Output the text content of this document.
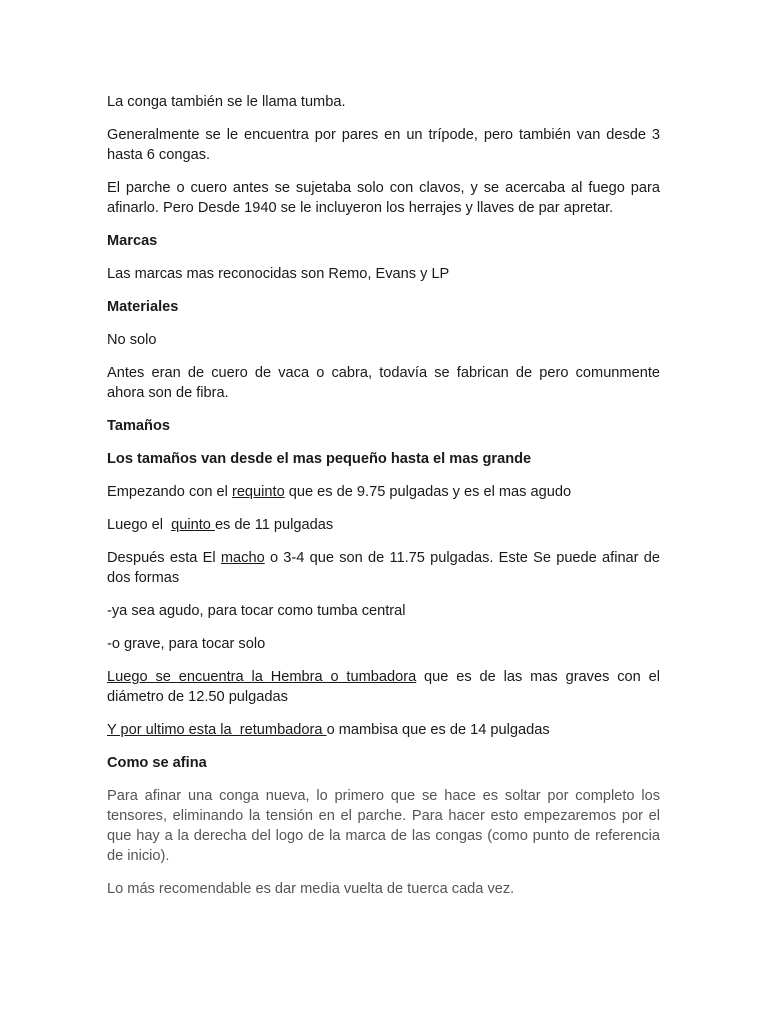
La conga también se le llama tumba.

Generalmente se le encuentra por pares en un trípode, pero también van desde 3 hasta 6 congas.

El parche o cuero antes se sujetaba solo con clavos, y se acercaba al fuego para afinarlo. Pero Desde 1940 se le incluyeron los herrajes y llaves de par apretar.

Marcas

Las marcas mas reconocidas son Remo, Evans y LP

Materiales

No solo

Antes eran de cuero de vaca o cabra, todavía se fabrican de pero comunmente ahora son de fibra.

Tamaños

Los tamaños van desde el mas pequeño hasta el mas grande

Empezando con el requinto que es de 9.75 pulgadas y es el mas agudo

Luego el  quinto es de 11 pulgadas

Después esta El macho o 3-4 que son de 11.75 pulgadas. Este Se puede afinar de dos formas

-ya sea agudo, para tocar como tumba central

-o grave, para tocar solo

Luego se encuentra la Hembra o tumbadora que es de las mas graves con el diámetro de 12.50 pulgadas

Y por ultimo esta la  retumbadora o mambisa que es de 14 pulgadas

Como se afina

Para afinar una conga nueva, lo primero que se hace es soltar por completo los tensores, eliminando la tensión en el parche. Para hacer esto empezaremos por el que hay a la derecha del logo de la marca de las congas (como punto de referencia de inicio).

Lo más recomendable es dar media vuelta de tuerca cada vez.
